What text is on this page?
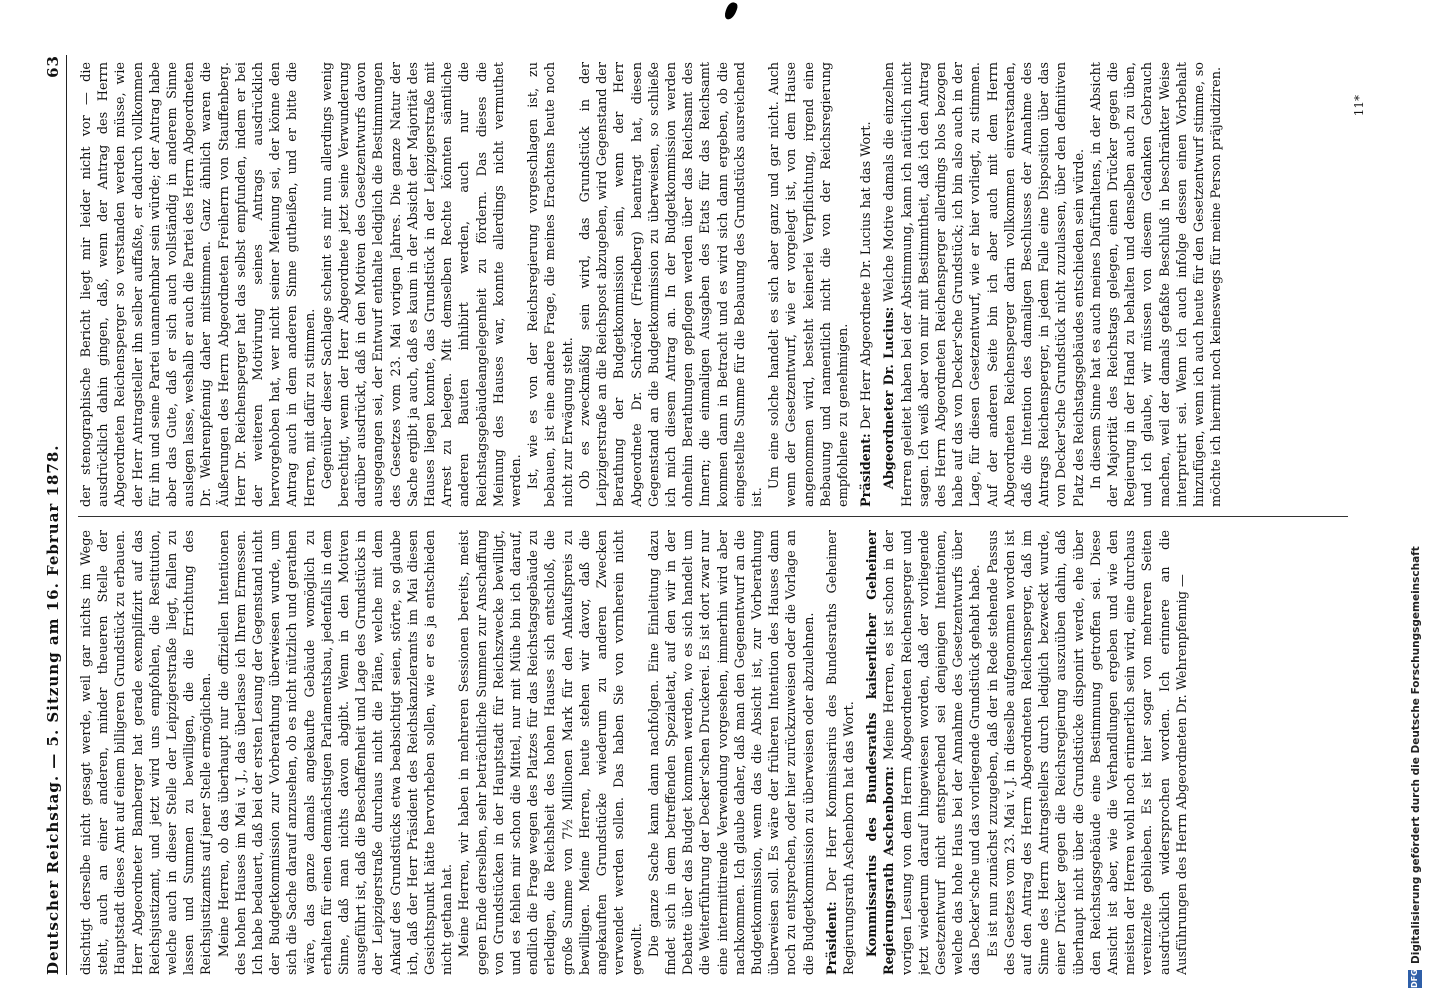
Deutscher Reichstag. — 5. Sitzung am 16. Februar 1878.
63

dischtigt derselbe nicht gesagt werde, weil gar nichts im Wege steht, auch an einer anderen, minder theueren Stelle der Hauptstadt dieses Amt auf einem billigeren Grundstück zu erbauen. Herr Abgeordneter Bamberger hat gerade exemplifizirt auf das Reichsjustizamt, und jetzt wird uns empfohlen, die Restitution, welche auch in dieser Stelle der Leipzigerstraße liegt, fallen zu lassen und Summen zu bewilligen, die die Errichtung des Reichsjustizamts auf jener Stelle ermöglichen. Meine Herren, ob das überhaupt nur die offiziellen Intentionen des hohen Hauses im Mai v. J., das überlasse ich Ihrem Ermessen. Ich habe bedauert, daß bei der ersten Lesung der Gegenstand nicht der Budgetkommission zur Vorberathung überwiesen wurde, um sich die Sache darauf anzusehen, ob es nicht nützlich und gerathen wäre, das ganze damals angekaufte Gebäude womöglich zu erhalten für einen demnächstigen Parlamentsbau, jedenfalls in dem Sinne, daß man nichts davon abgibt. Wenn in den Motiven ausgeführt ist, daß die Beschaffenheit und Lage des Grundstücks in der Leipzigerstraße durchaus nicht die Pläne, welche mit dem Ankauf des Grundstücks etwa beabsichtigt seien, störte, so glaube ich, daß der Herr Präsident des Reichskanzleramts im Mai diesen Gesichtspunkt hätte hervorheben sollen, wie er es ja entschieden nicht gethan hat. Meine Herren, wir haben in mehreren Sessionen bereits, meist gegen Ende derselben, sehr beträchtliche Summen zur Anschaffung von Grundstücken in der Hauptstadt für Reichszwecke bewilligt, und es fehlen mir schon die Mittel, nur mit Mühe bin ich darauf, endlich die Frage wegen des Platzes für das Reichstagsgebäude zu erledigen, die Reichsheit des hohen Hauses sich entschloß, die große Summe von 7½ Millionen Mark für den Ankaufspreis zu bewilligen. Meine Herren, heute stehen wir davor, daß die angekauften Grundstücke wiederum zu anderen Zwecken verwendet werden sollen. Das haben Sie von vornherein nicht gewollt. Die ganze Sache kann dann nachfolgen. Eine Einleitung dazu findet sich in dem betreffenden Spezialetat, auf den wir in der Debatte über das Budget kommen werden, wo es sich handelt um die Weiterführung der Decker'schen Druckerei. Es ist dort zwar nur eine intermittirende Verwendung vorgesehen, immerhin wird aber nachkommen. Ich glaube daher, daß man den Gegenentwurf an die Budgetkommission, wenn das die Absicht ist, zur Vorberathung überweisen soll. Es wäre der früheren Intention des Hauses dann noch zu entsprechen, oder hier zurückzuweisen oder die Vorlage an die Budgetkommission zu überweisen oder abzulehnen. Präsident: Der Herr Kommissarius des Bundesraths Geheimer Regierungsrath Aschenborn hat das Wort. Kommissarius des Bundesraths kaiserlicher Geheimer Regierungsrath Aschenborn: Meine Herren, es ist schon in der vorigen Lesung von dem Herrn Abgeordneten Reichensperger und jetzt wiederum darauf hingewiesen worden, daß der vorliegende Gesetzentwurf nicht entsprechend sei denjenigen Intentionen, welche das hohe Haus bei der Annahme des Gesetzentwurfs über das Decker'sche und das vorliegende Grundstück gehabt habe. Es ist nun zunächst zuzugeben, daß der in Rede stehende Passus des Gesetzes vom 23. Mai v. J. in dieselbe aufgenommen worden ist auf den Antrag des Herrn Abgeordneten Reichensperger, daß im Sinne des Herrn Antragstellers durch lediglich bezweckt wurde, einer Drücker gegen die Reichsregierung auszuüben dahin, daß überhaupt nicht über die Grundstücke disponirt werde, ehe über den Reichstagsgebäude eine Bestimmung getroffen sei. Diese Ansicht ist aber, wie die Verhandlungen ergeben und wie den meisten der Herren wohl noch erinnerlich sein wird, eine durchaus vereinzelte geblieben. Es ist hier sogar von mehreren Seiten ausdrücklich widersprochen worden. Ich erinnere an die Ausführungen des Herrn Abgeordneten Dr. Wehrenpfennig —

der stenographische Bericht liegt mir leider nicht vor — die ausdrücklich dahin gingen, daß, wenn der Antrag des Herrn Abgeordneten Reichensperger so verstanden werden müsse, wie der Herr Antragsteller ihn selber auffaßte, er dadurch vollkommen für ihn und seine Partei unannehmbar sein würde; der Antrag habe aber das Gute, daß er sich auch vollständig in anderem Sinne auslegen lasse, weshalb er auch die Partei des Herrn Abgeordneten Dr. Wehrenpfennig daher mitstimmen. Ganz ähnlich waren die Äußerungen des Herrn Abgeordneten Freiherrn von Stauffenberg. Herr Dr. Reichensperger hat das selbst empfunden, indem er bei der weiteren Motivirung seines Antrags ausdrücklich hervorgehoben hat, wer nicht seiner Meinung sei, der könne den Antrag auch in dem anderen Sinne gutheißen, und er bitte die Herren, mit dafür zu stimmen. Gegenüber dieser Sachlage scheint es mir nun allerdings wenig berechtigt, wenn der Herr Abgeordnete jetzt seine Verwunderung darüber ausdrückt, daß in den Motiven des Gesetzentwurfs davon ausgegangen sei, der Entwurf enthalte lediglich die Bestimmungen des Gesetzes vom 23. Mai vorigen Jahres. Die ganze Natur der Sache ergibt ja auch, daß es kaum in der Absicht der Majorität des Hauses liegen konnte, das Grundstück in der Leipzigerstraße mit Arrest zu belegen. Mit demselben Rechte könnten sämtliche anderen Bauten inhibirt werden, auch nur die Reichstagsgebäudeangelegenheit zu fördern. Das dieses die Meinung des Hauses war, konnte allerdings nicht vermuthet werden. Ist, wie es von der Reichsregierung vorgeschlagen ist, zu bebauen, ist eine andere Frage, die meines Erachtens heute noch nicht zur Erwägung steht. Ob es zweckmäßig sein wird, das Grundstück in der Leipzigerstraße an die Reichspost abzugeben, wird Gegenstand der Berathung der Budgetkommission sein, wenn der Herr Abgeordnete Dr. Schröder (Friedberg) beantragt hat, diesen Gegenstand an die Budgetkommission zu überweisen, so schließe ich mich diesem Antrag an. In der Budgetkommission werden ohnehin Berathungen gepflogen werden über das Reichsamt des Innern; die einmaligen Ausgaben des Etats für das Reichsamt kommen dann in Betracht und es wird sich dann ergeben, ob die eingestellte Summe für die Bebauung des Grundstücks ausreichend ist.

Um eine solche handelt es sich aber ganz und gar nicht. Auch wenn der Gesetzentwurf, wie er vorgelegt ist, von dem Hause angenommen wird, besteht keinerlei Verpflichtung, irgend eine Bebauung und namentlich nicht die von der Reichsregierung empfohlene zu genehmigen. Präsident: Der Herr Abgeordnete Dr. Lucius hat das Wort. Abgeordneter Dr. Lucius: Welche Motive damals die einzelnen Herren geleitet haben bei der Abstimmung, kann ich natürlich nicht sagen. Ich weiß aber von mir mit Bestimmtheit, daß ich den Antrag des Herrn Abgeordneten Reichensperger allerdings blos bezogen habe auf das von Decker'sche Grundstück; ich bin also auch in der Lage, für diesen Gesetzentwurf, wie er hier vorliegt, zu stimmen. Auf der anderen Seite bin ich aber auch mit dem Herrn Abgeordneten Reichensperger darin vollkommen einverstanden, daß die Intention des damaligen Beschlusses der Annahme des Antrags Reichensperger, in jedem Falle eine Disposition über das von Decker'sche Grundstück nicht zuzulassen, über den definitiven Platz des Reichstagsgebäudes entschieden sein würde. In diesem Sinne hat es auch meines Dafürhaltens, in der Absicht der Majorität des Reichstags gelegen, einen Drücker gegen die Regierung in der Hand zu behalten und denselben auch zu üben, und ich glaube, wir müssen von diesem Gedanken Gebrauch machen, weil der damals gefaßte Beschluß in beschränkter Weise interpretirt sei. Wenn ich auch infolge dessen einen Vorbehalt hinzufügen, wenn ich auch heute für den Gesetzentwurf stimme, so möchte ich hiermit noch keineswegs für meine Person präjudiziren.	11*
DFG
Digitalisierung gefördert durch die Deutsche Forschungsgemeinschaft
